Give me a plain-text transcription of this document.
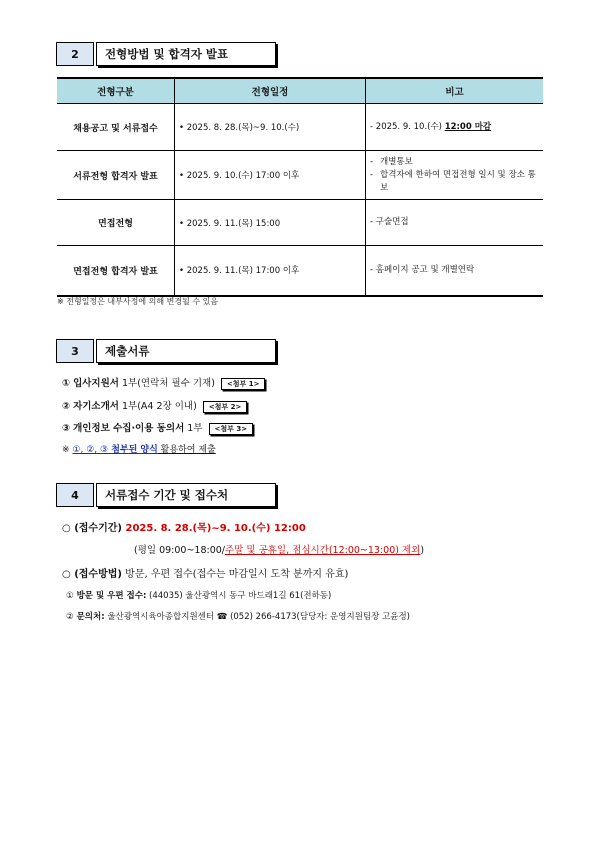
2	전형방법 및 합격자 발표
전형구분	전형일정	비고
채용공고 및 서류접수	• 2025. 8. 28.(목)~9. 10.(수)	- 2025. 9. 10.(수) 12:00 마감
서류전형 합격자 발표	• 2025. 9. 10.(수) 17:00 이후	- 개별통보
- 합격자에 한하여 면접전형 일시 및 장소 통보

면접전형	• 2025. 9. 11.(목) 15:00	- 구술면접
면접전형 합격자 발표	• 2025. 9. 11.(목) 17:00 이후	- 홈페이지 공고 및 개별연락
※ 전형일정은 내부사정에 의해 변경될 수 있음
3	제출서류
① 입사지원서 1부(연락처 필수 기재) <첨부 1>
② 자기소개서 1부(A4 2장 이내) <첨부 2>
③ 개인정보 수집·이용 동의서 1부 <첨부 3>
※ ①, ②, ③ 첨부된 양식 활용하여 제출
4	서류접수 기간 및 접수처
○ (접수기간) 2025. 8. 28.(목)~9. 10.(수) 12:00
(평일 09:00~18:00/주말 및 공휴일, 점심시간(12:00~13:00) 제외)
○ (접수방법) 방문, 우편 접수(접수는 마감일시 도착 분까지 유효)
① 방문 및 우편 접수: (44035) 울산광역시 동구 바드래1길 61(전하동)
② 문의처: 울산광역시육아종합지원센터 ☎ (052) 266-4173(담당자: 운영지원팀장 고윤정)
